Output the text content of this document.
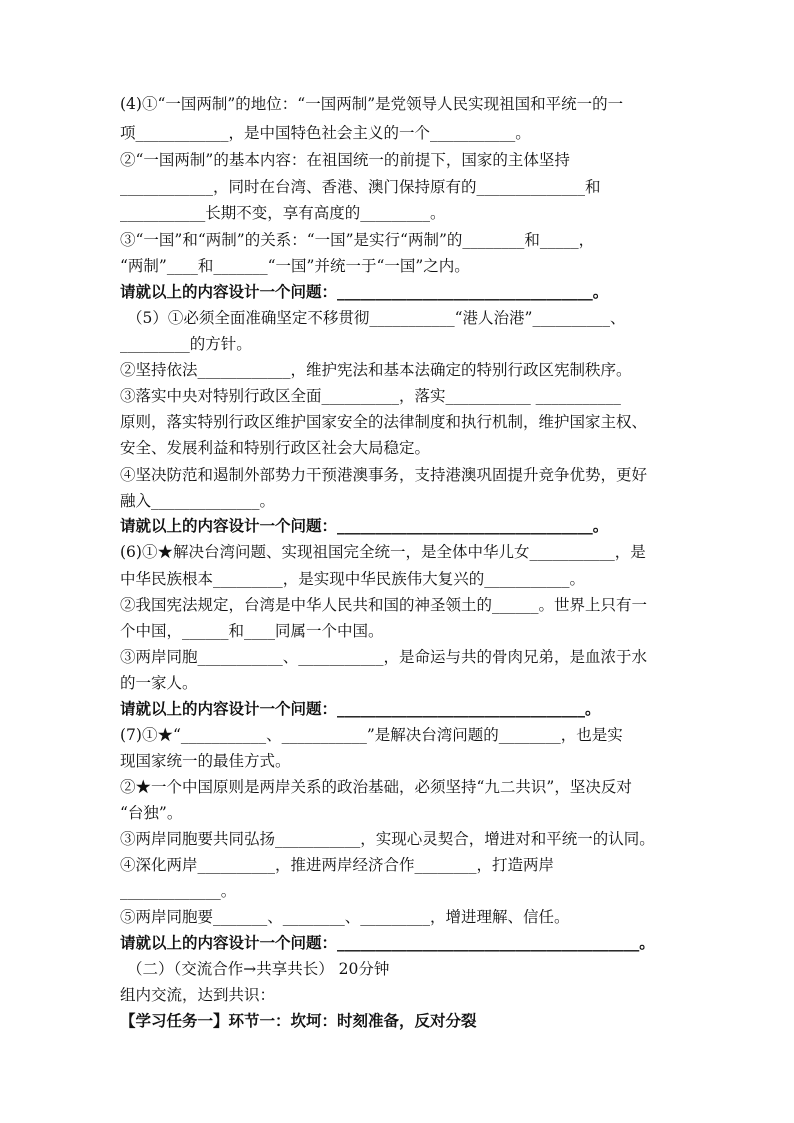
(4)①“一国两制”的地位：“一国两制”是党领导人民实现祖国和平统一的一
项____________，是中国特色社会主义的一个___________。
②“一国两制”的基本内容：在祖国统一的前提下，国家的主体坚持
____________，同时在台湾、香港、澳门保持原有的______________和
___________长期不变，享有高度的_________。
③“一国”和“两制”的关系：“一国”是实行“两制”的________和_____，
“两制”____和_______“一国”并统一于“一国”之内。
请就以上的内容设计一个问题：_________________________________。
（5）①必须全面准确坚定不移贯彻___________“港人治港”__________、
_________的方针。
②坚持依法____________，维护宪法和基本法确定的特别行政区宪制秩序。
③落实中央对特别行政区全面__________，落实___________ ___________
原则，落实特别行政区维护国家安全的法律制度和执行机制，维护国家主权、
安全、发展利益和特别行政区社会大局稳定。
④坚决防范和遏制外部势力干预港澳事务，支持港澳巩固提升竞争优势，更好
融入______________。
请就以上的内容设计一个问题：_________________________________。
(6)①★解决台湾问题、实现祖国完全统一，是全体中华儿女___________，是
中华民族根本_________，是实现中华民族伟大复兴的___________。
②我国宪法规定，台湾是中华人民共和国的神圣领土的______。世界上只有一
个中国，______和____同属一个中国。
③两岸同胞___________、___________，是命运与共的骨肉兄弟，是血浓于水
的一家人。
请就以上的内容设计一个问题：________________________________。
(7)①★“___________、___________”是解决台湾问题的________，也是实
现国家统一的最佳方式。
②★一个中国原则是两岸关系的政治基础，必须坚持“九二共识”，坚决反对
“台独”。
③两岸同胞要共同弘扬___________，实现心灵契合，增进对和平统一的认同。
④深化两岸__________，推进两岸经济合作________，打造两岸
_____________。
⑤两岸同胞要_______、________、_________，增进理解、信任。
请就以上的内容设计一个问题：_______________________________________。
（二）（交流合作→共享共长） 20分钟
组内交流，达到共识：
【学习任务一】环节一：坎坷：时刻准备，反对分裂
